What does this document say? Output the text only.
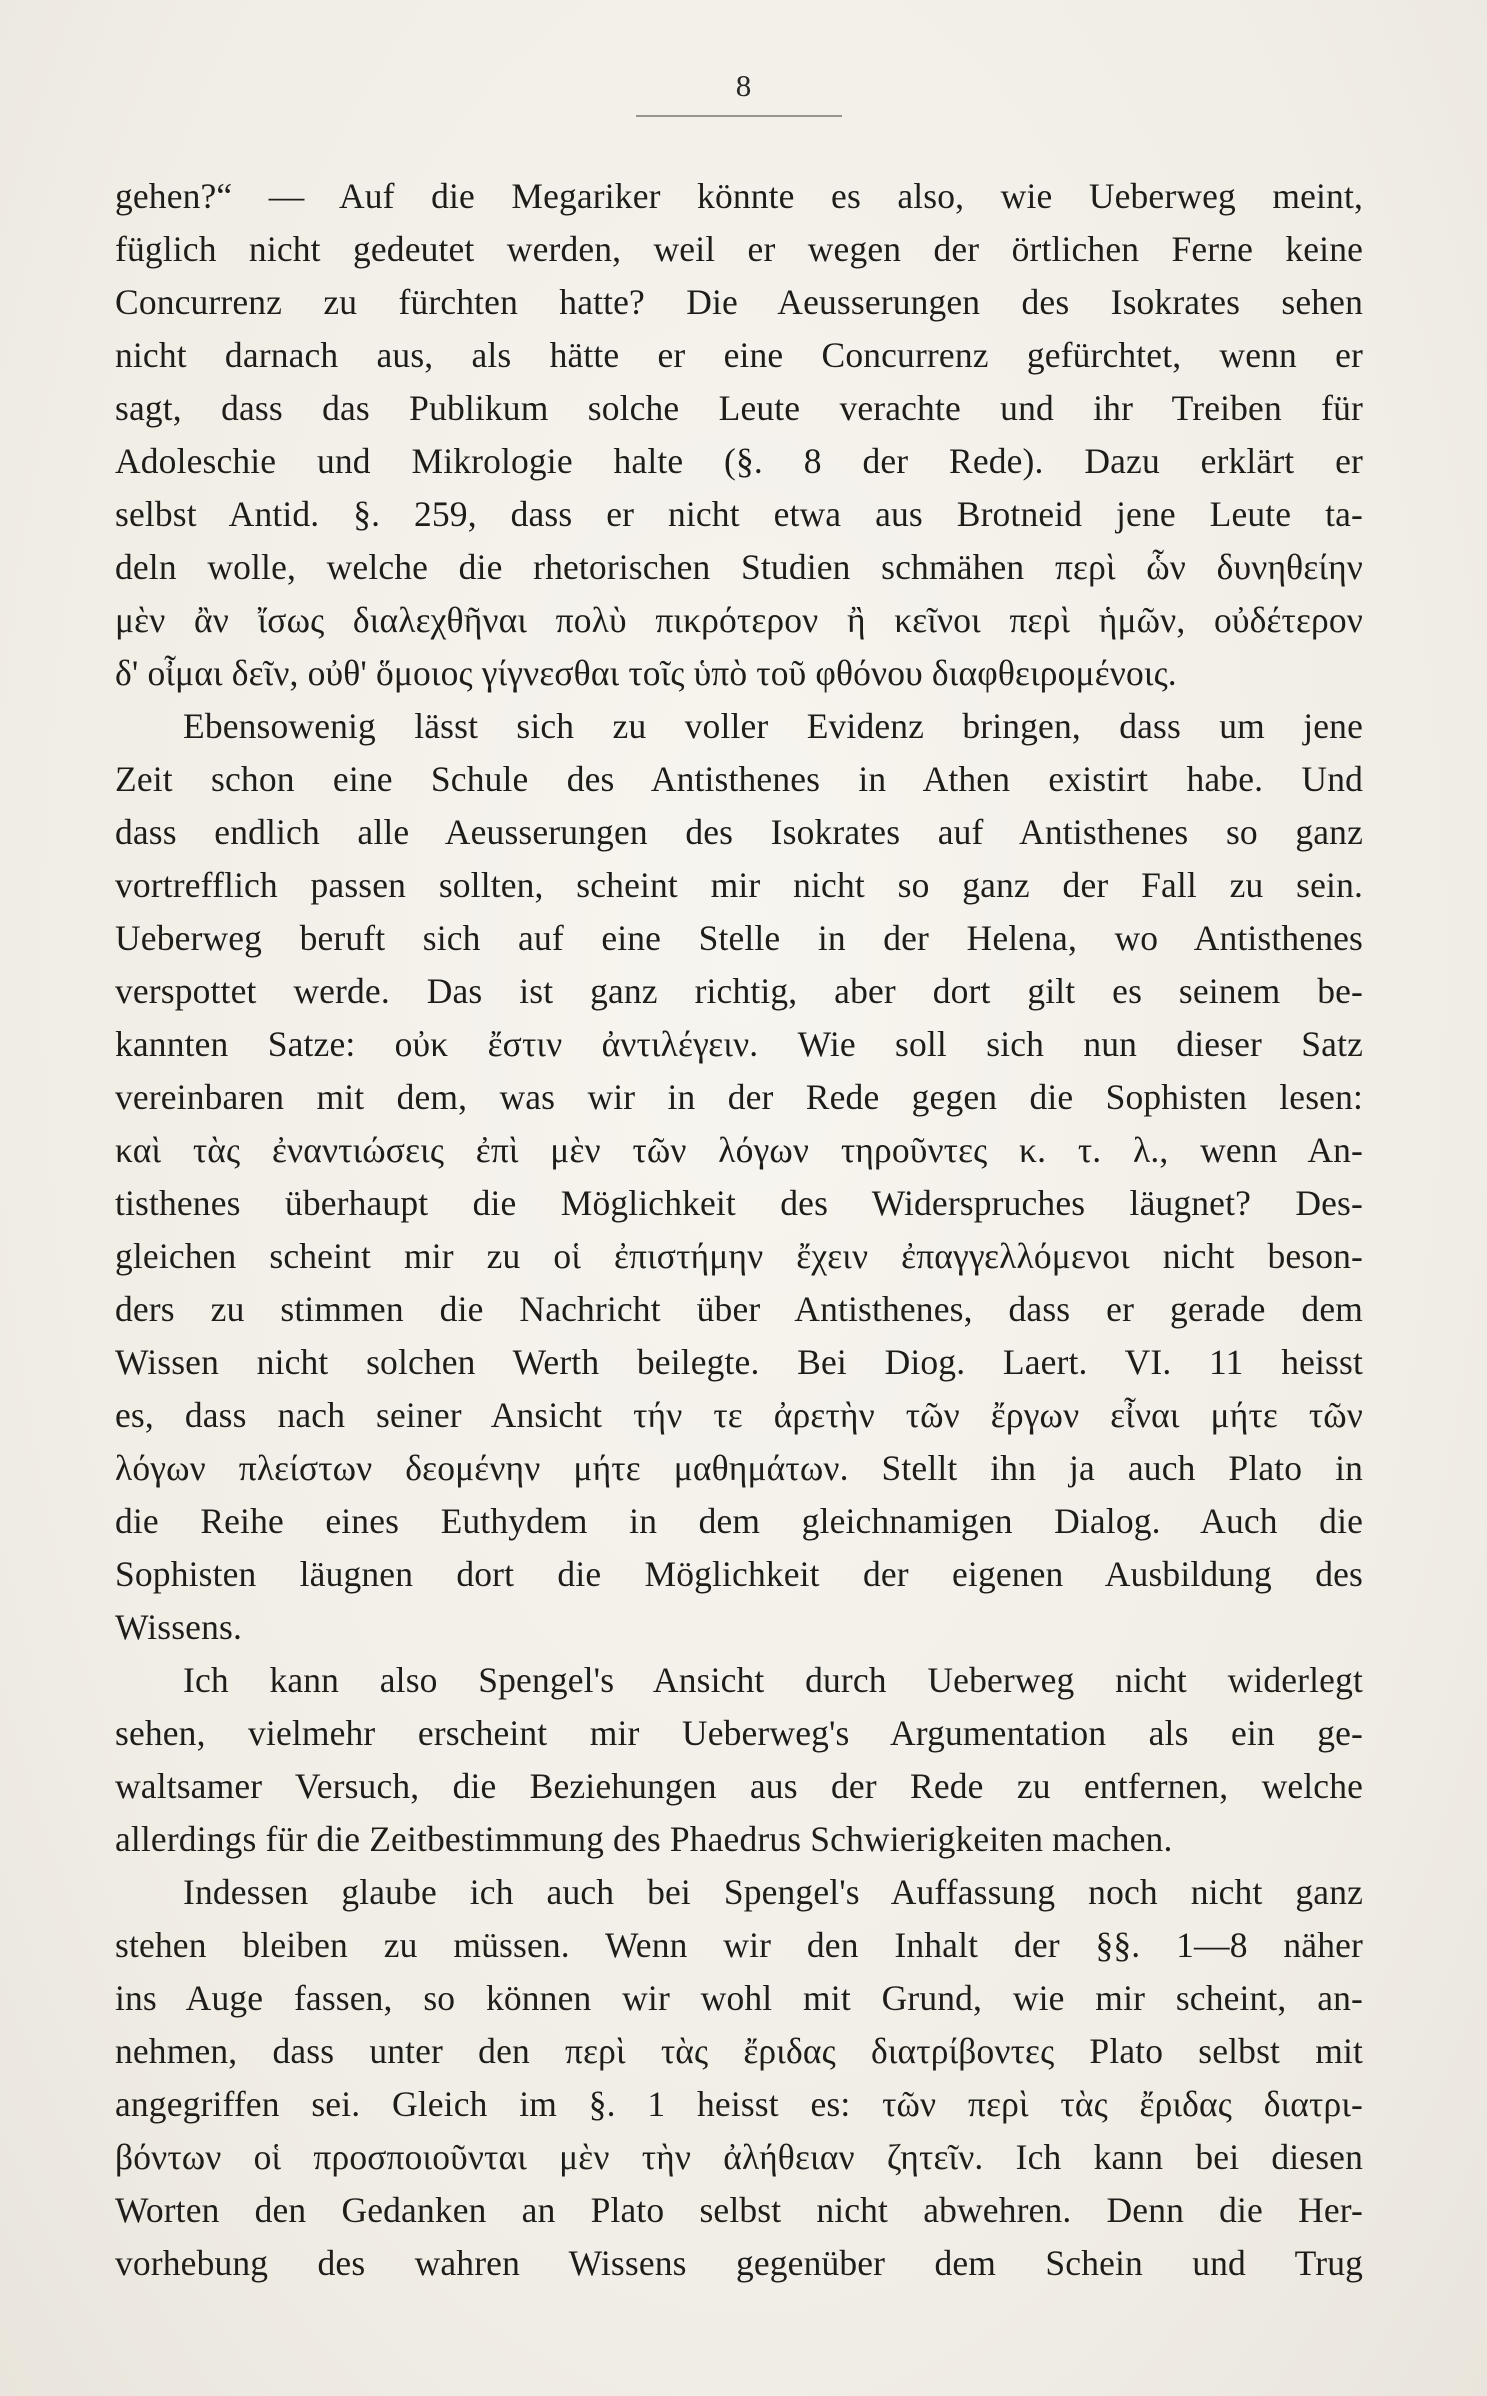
8
gehen?“ — Auf die Megariker könnte es also, wie Ueberweg meint,
füglich nicht gedeutet werden, weil er wegen der örtlichen Ferne keine
Concurrenz zu fürchten hatte? Die Aeusserungen des Isokrates sehen
nicht darnach aus, als hätte er eine Concurrenz gefürchtet, wenn er
sagt, dass das Publikum solche Leute verachte und ihr Treiben für
Adoleschie und Mikrologie halte (§. 8 der Rede). Dazu erklärt er
selbst Antid. §. 259, dass er nicht etwa aus Brotneid jene Leute ta-
deln wolle, welche die rhetorischen Studien schmähen περὶ ὧν δυνηθείην
μὲν ἂν ἴσως διαλεχθῆναι πολὺ πικρότερον ἢ κεῖνοι περὶ ἡμῶν, οὐδέτερον
δ' οἶμαι δεῖν, οὐθ' ὅμοιος γίγνεσθαι τοῖς ὑπὸ τοῦ φθόνου διαφθειρομένοις.
Ebensowenig lässt sich zu voller Evidenz bringen, dass um jene
Zeit schon eine Schule des Antisthenes in Athen existirt habe. Und
dass endlich alle Aeusserungen des Isokrates auf Antisthenes so ganz
vortrefflich passen sollten, scheint mir nicht so ganz der Fall zu sein.
Ueberweg beruft sich auf eine Stelle in der Helena, wo Antisthenes
verspottet werde. Das ist ganz richtig, aber dort gilt es seinem be-
kannten Satze: οὐκ ἔστιν ἀντιλέγειν. Wie soll sich nun dieser Satz
vereinbaren mit dem, was wir in der Rede gegen die Sophisten lesen:
καὶ τὰς ἐναντιώσεις ἐπὶ μὲν τῶν λόγων τηροῦντες κ. τ. λ., wenn An-
tisthenes überhaupt die Möglichkeit des Widerspruches läugnet? Des-
gleichen scheint mir zu οἱ ἐπιστήμην ἔχειν ἐπαγγελλόμενοι nicht beson-
ders zu stimmen die Nachricht über Antisthenes, dass er gerade dem
Wissen nicht solchen Werth beilegte. Bei Diog. Laert. VI. 11 heisst
es, dass nach seiner Ansicht τήν τε ἀρετὴν τῶν ἔργων εἶναι μήτε τῶν
λόγων πλείστων δεομένην μήτε μαθημάτων. Stellt ihn ja auch Plato in
die Reihe eines Euthydem in dem gleichnamigen Dialog. Auch die
Sophisten läugnen dort die Möglichkeit der eigenen Ausbildung des
Wissens.
Ich kann also Spengel's Ansicht durch Ueberweg nicht widerlegt
sehen, vielmehr erscheint mir Ueberweg's Argumentation als ein ge-
waltsamer Versuch, die Beziehungen aus der Rede zu entfernen, welche
allerdings für die Zeitbestimmung des Phaedrus Schwierigkeiten machen.
Indessen glaube ich auch bei Spengel's Auffassung noch nicht ganz
stehen bleiben zu müssen. Wenn wir den Inhalt der §§. 1—8 näher
ins Auge fassen, so können wir wohl mit Grund, wie mir scheint, an-
nehmen, dass unter den περὶ τὰς ἔριδας διατρίβοντες Plato selbst mit
angegriffen sei. Gleich im §. 1 heisst es: τῶν περὶ τὰς ἔριδας διατρι-
βόντων οἱ προσποιοῦνται μὲν τὴν ἀλήθειαν ζητεῖν. Ich kann bei diesen
Worten den Gedanken an Plato selbst nicht abwehren. Denn die Her-
vorhebung des wahren Wissens gegenüber dem Schein und Trug
